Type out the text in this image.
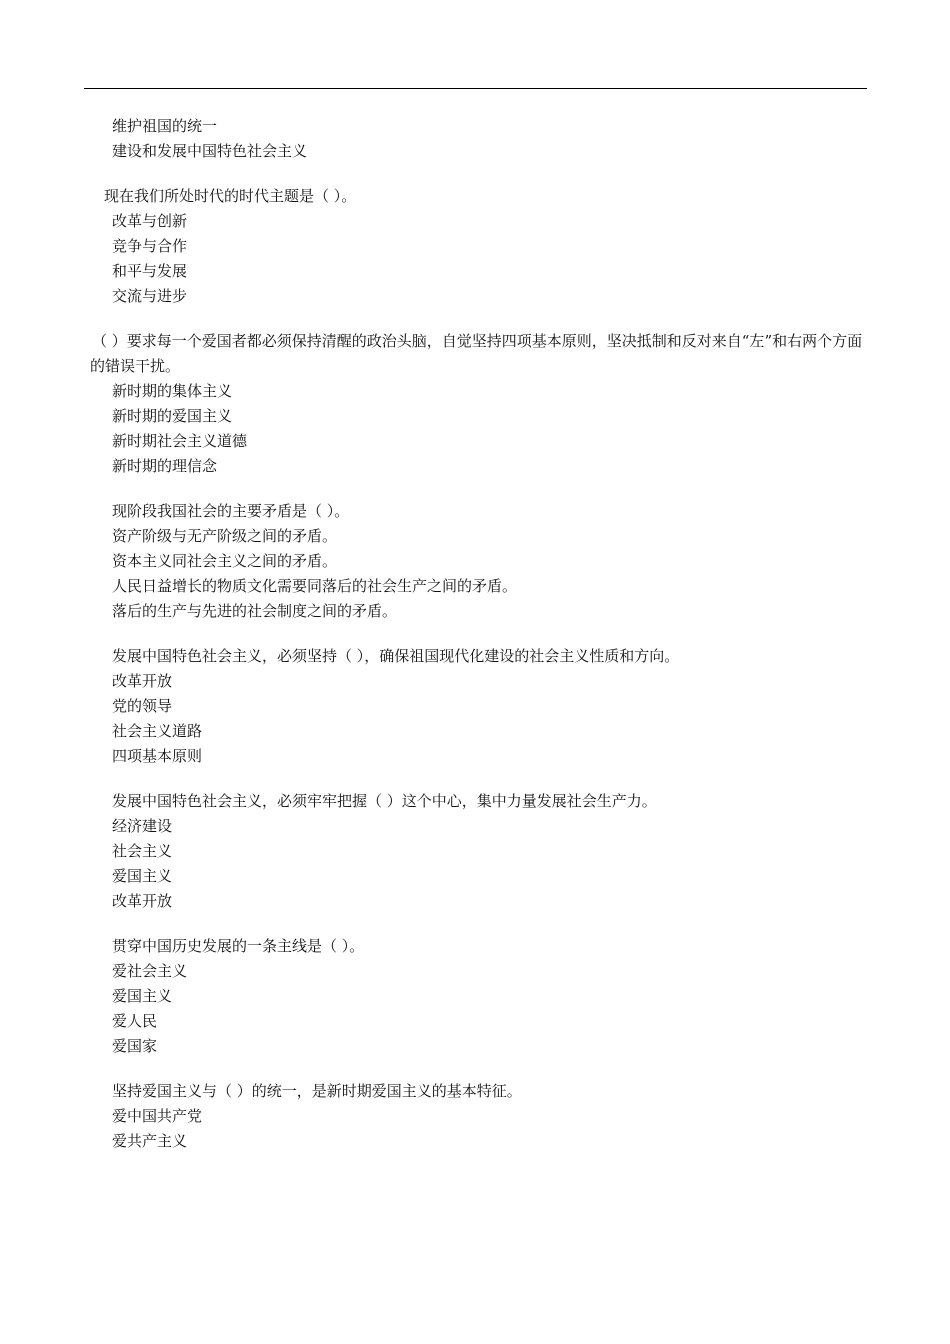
维护祖国的统一
建设和发展中国特色社会主义
现在我们所处时代的时代主题是（ ）。
改革与创新
竞争与合作
和平与发展
交流与进步
（ ）要求每一个爱国者都必须保持清醒的政治头脑，自觉坚持四项基本原则，坚决抵制和反对来自“左”和右两个方面的错误干扰。
新时期的集体主义
新时期的爱国主义
新时期社会主义道德
新时期的理信念
现阶段我国社会的主要矛盾是（ ）。
资产阶级与无产阶级之间的矛盾。
资本主义同社会主义之间的矛盾。
人民日益增长的物质文化需要同落后的社会生产之间的矛盾。
落后的生产与先进的社会制度之间的矛盾。
发展中国特色社会主义，必须坚持（ ），确保祖国现代化建设的社会主义性质和方向。
改革开放
党的领导
社会主义道路
四项基本原则
发展中国特色社会主义，必须牢牢把握（ ）这个中心，集中力量发展社会生产力。
经济建设
社会主义
爱国主义
改革开放
贯穿中国历史发展的一条主线是（ ）。
爱社会主义
爱国主义
爱人民
爱国家
坚持爱国主义与（ ）的统一，是新时期爱国主义的基本特征。
爱中国共产党
爱共产主义
